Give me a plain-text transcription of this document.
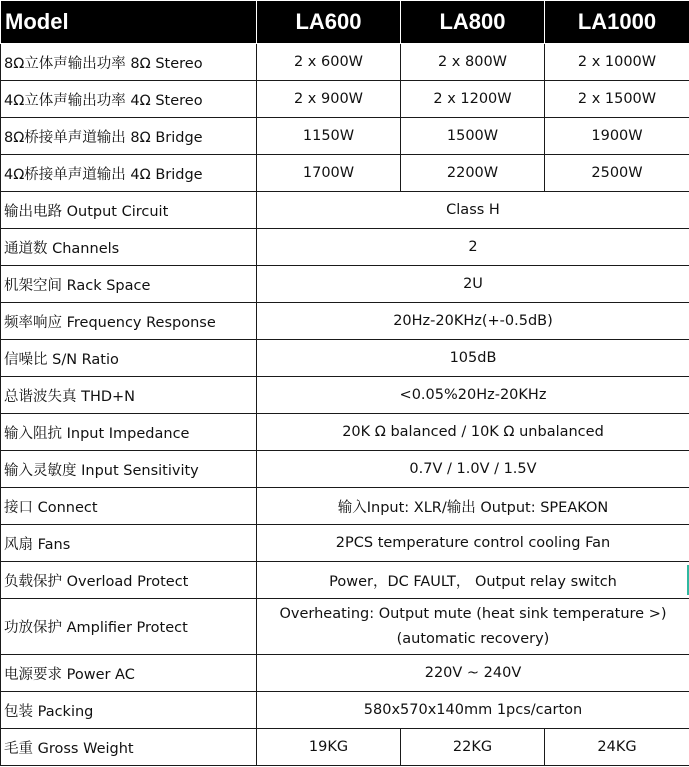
Model	LA600	LA800	LA1000
8Ω立体声输出功率 8Ω Stereo	2 x 600W	2 x 800W	2 x 1000W
4Ω立体声输出功率 4Ω Stereo	2 x 900W	2 x 1200W	2 x 1500W
8Ω桥接单声道输出 8Ω Bridge	1150W	1500W	1900W
4Ω桥接单声道输出 4Ω Bridge	1700W	2200W	2500W
输出电路 Output Circuit	Class H		
通道数 Channels	2		
机架空间 Rack Space	2U		
频率响应 Frequency Response	20Hz-20KHz(+-0.5dB)		
信噪比 S/N Ratio	105dB		
总谐波失真 THD+N	<0.05%20Hz-20KHz		
输入阻抗 Input Impedance	20K Ω balanced / 10K Ω unbalanced		
输入灵敏度 Input Sensitivity	0.7V / 1.0V / 1.5V		
接口 Connect	输入Input: XLR/输出 Output: SPEAKON		
风扇 Fans	2PCS temperature control cooling Fan		
负载保护 Overload Protect	Power，DC FAULT， Output relay switch		
功放保护 Amplifier Protect	Overheating: Output mute (heat sink temperature >) (automatic recovery)		
电源要求 Power AC	220V ~ 240V		
包装 Packing	580x570x140mm 1pcs/carton		
毛重 Gross Weight	19KG	22KG	24KG
